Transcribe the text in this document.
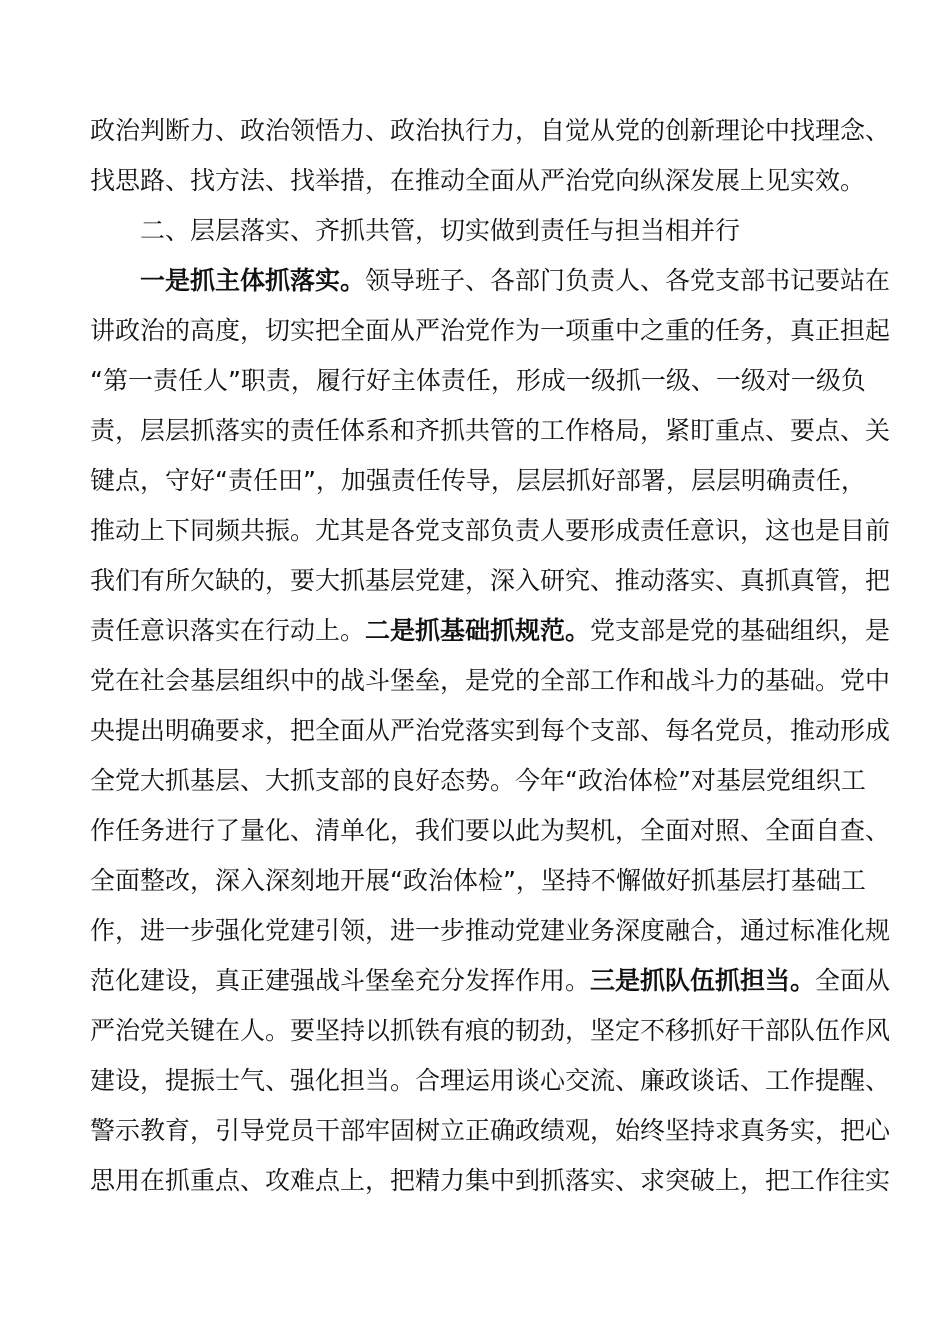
政治判断力、政治领悟力、政治执行力，自觉从党的创新理论中找理念、
找思路、找方法、找举措，在推动全面从严治党向纵深发展上见实效。
二、层层落实、齐抓共管，切实做到责任与担当相并行
一是抓主体抓落实。领导班子、各部门负责人、各党支部书记要站在
讲政治的高度，切实把全面从严治党作为一项重中之重的任务，真正担起
“第一责任人”职责，履行好主体责任，形成一级抓一级、一级对一级负
责，层层抓落实的责任体系和齐抓共管的工作格局，紧盯重点、要点、关
键点，守好“责任田”，加强责任传导，层层抓好部署，层层明确责任，
推动上下同频共振。尤其是各党支部负责人要形成责任意识，这也是目前
我们有所欠缺的，要大抓基层党建，深入研究、推动落实、真抓真管，把
责任意识落实在行动上。二是抓基础抓规范。党支部是党的基础组织，是
党在社会基层组织中的战斗堡垒，是党的全部工作和战斗力的基础。党中
央提出明确要求，把全面从严治党落实到每个支部、每名党员，推动形成
全党大抓基层、大抓支部的良好态势。今年“政治体检”对基层党组织工
作任务进行了量化、清单化，我们要以此为契机，全面对照、全面自查、
全面整改，深入深刻地开展“政治体检”，坚持不懈做好抓基层打基础工
作，进一步强化党建引领，进一步推动党建业务深度融合，通过标准化规
范化建设，真正建强战斗堡垒充分发挥作用。三是抓队伍抓担当。全面从
严治党关键在人。要坚持以抓铁有痕的韧劲，坚定不移抓好干部队伍作风
建设，提振士气、强化担当。合理运用谈心交流、廉政谈话、工作提醒、
警示教育，引导党员干部牢固树立正确政绩观，始终坚持求真务实，把心
思用在抓重点、攻难点上，把精力集中到抓落实、求突破上，把工作往实
